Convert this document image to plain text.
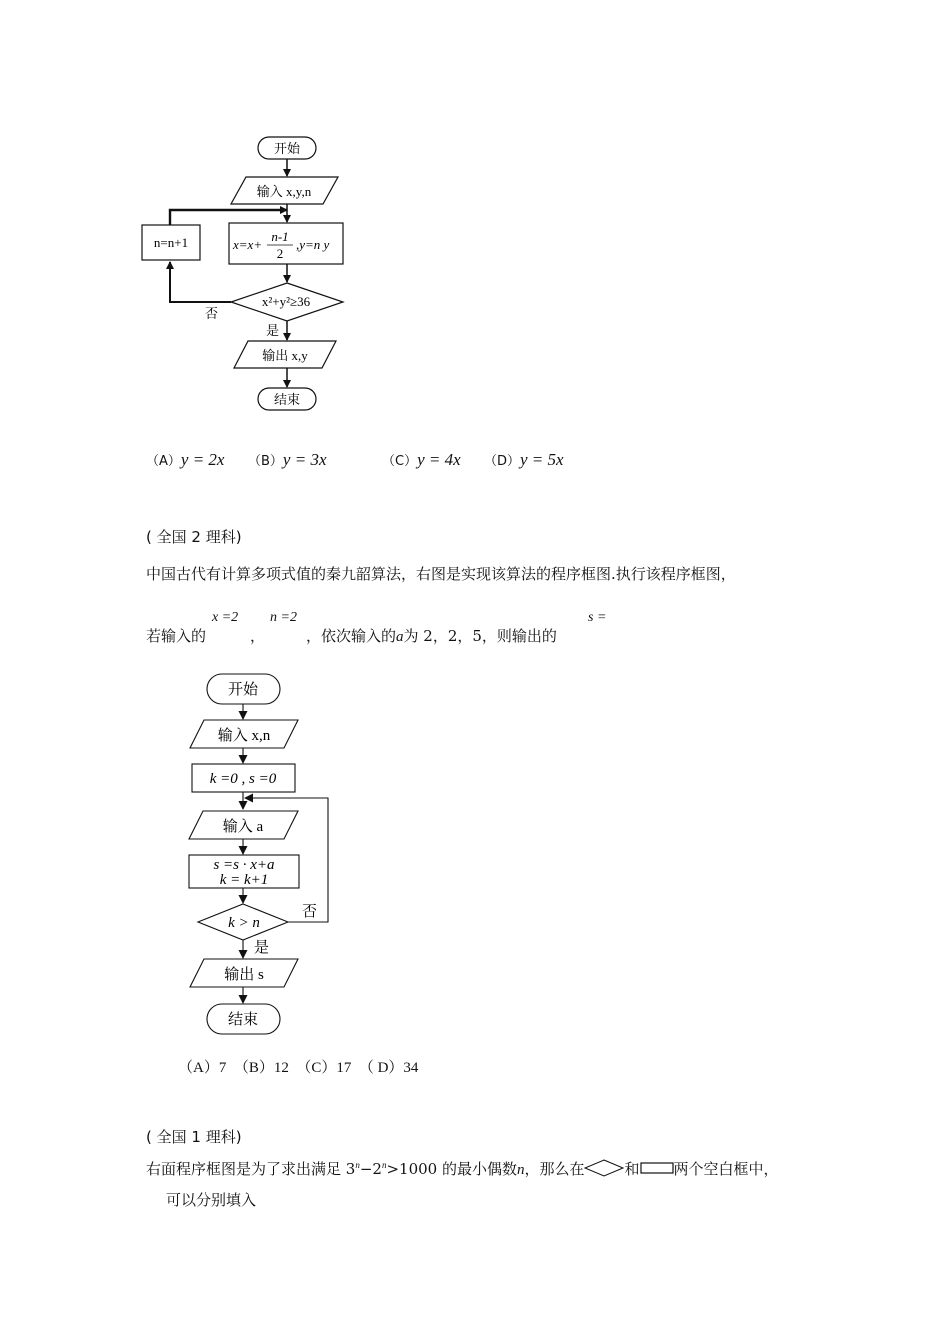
开始
输入 x,y,n
x=x+
n-1
2
,y=n y
x²+y²≥36
n=n+1
否
是
输出 x,y
结束
（A）y = 2x （B）y = 3x	（C）y = 4x （D）y = 5x
( 全国 2 理科)
中国古代有计算多项式值的秦九韶算法，右图是实现该算法的程序框图.执行该程序框图，
若输入的
x =2
，
n =2
，依次输入的a为 2，2，5，则输出的
s =
开始
输入 x,n
k =0 , s =0
输入 a
s =s · x+a
k = k+1
k > n
否
是
输出 s
结束
（A）7　（B）12　（C）17　（ D）34
( 全国 1 理科)
右面程序框图是为了求出满足 $3^n-2^n>1000$ 的最小偶数n，那么在	和 两个空白框中，
可以分别填入
